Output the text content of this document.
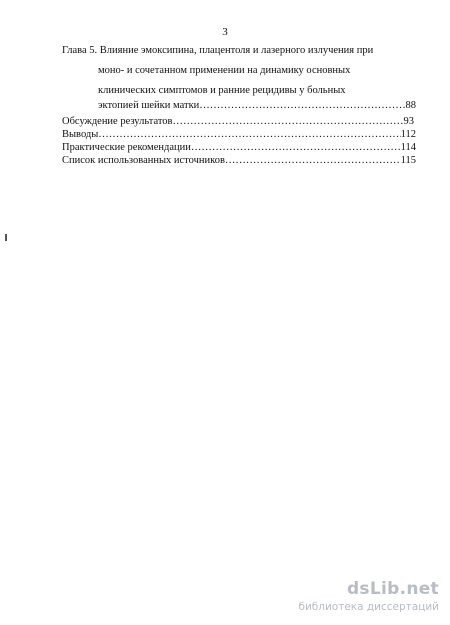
3
Глава 5. Влияние эмоксипина, плацентоля и лазерного излучения при
моно- и сочетанном применении на динамику основных
клинических симптомов и ранние рецидивы у больных
эктопией шейки матки ……………………………………………………………………………………………………………………………………	88
Обсуждение результатов ……………………………………………………………………………………………………………………………………	93
Выводы ……………………………………………………………………………………………………………………………………	112
Практические рекомендации ……………………………………………………………………………………………………………………………………	114
Список использованных источников ……………………………………………………………………………………………………………………………………	115
dsLib.net
библиотека диссертаций
